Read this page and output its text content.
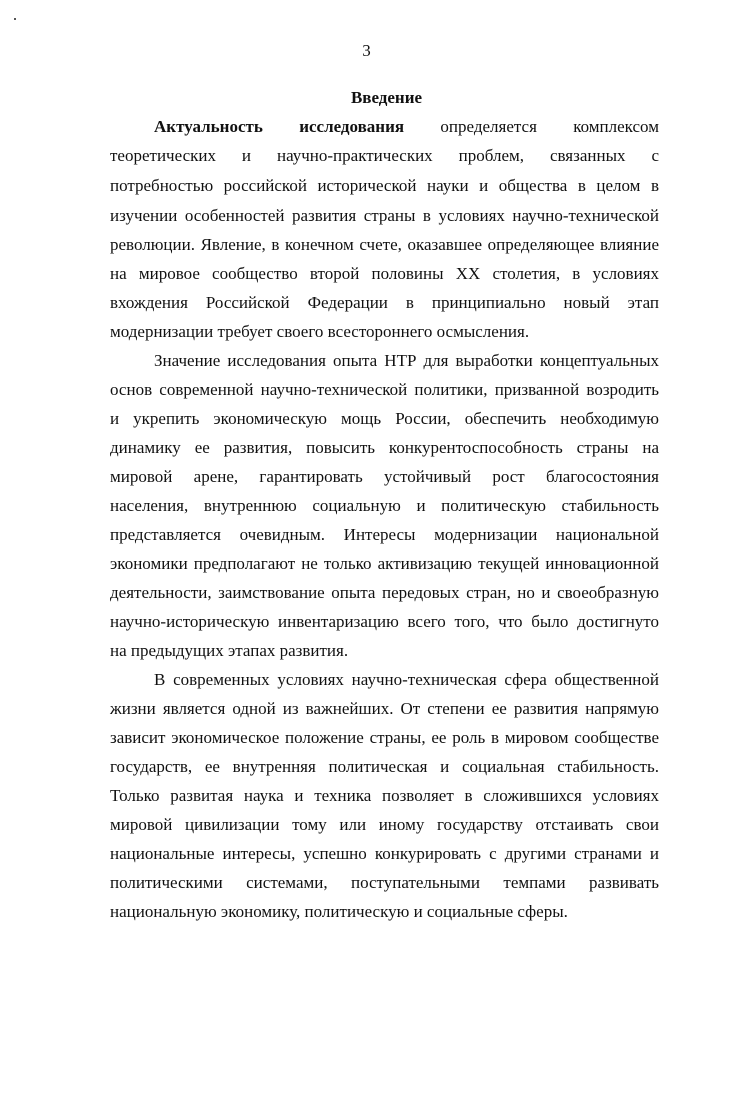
3
Введение
Актуальность исследования определяется комплексом
теоретических и научно-практических проблем, связанных с
потребностью российской исторической науки и общества в целом в
изучении особенностей развития страны в условиях научно-технической
революции. Явление, в конечном счете, оказавшее определяющее влияние
на мировое сообщество второй половины XX столетия, в условиях
вхождения Российской Федерации в принципиально новый этап
модернизации требует своего всестороннего осмысления.
Значение исследования опыта НТР для выработки концептуальных
основ современной научно-технической политики, призванной возродить
и укрепить экономическую мощь России, обеспечить необходимую
динамику ее развития, повысить конкурентоспособность страны на
мировой арене, гарантировать устойчивый рост благосостояния
населения, внутреннюю социальную и политическую стабильность
представляется очевидным. Интересы модернизации национальной
экономики предполагают не только активизацию текущей инновационной
деятельности, заимствование опыта передовых стран, но и своеобразную
научно-историческую инвентаризацию всего того, что было достигнуто
на предыдущих этапах развития.
В современных условиях научно-техническая сфера общественной
жизни является одной из важнейших. От степени ее развития напрямую
зависит экономическое положение страны, ее роль в мировом сообществе
государств, ее внутренняя политическая и социальная стабильность.
Только развитая наука и техника позволяет в сложившихся условиях
мировой цивилизации тому или иному государству отстаивать свои
национальные интересы, успешно конкурировать с другими странами и
политическими системами, поступательными темпами развивать
национальную экономику, политическую и социальные сферы.
